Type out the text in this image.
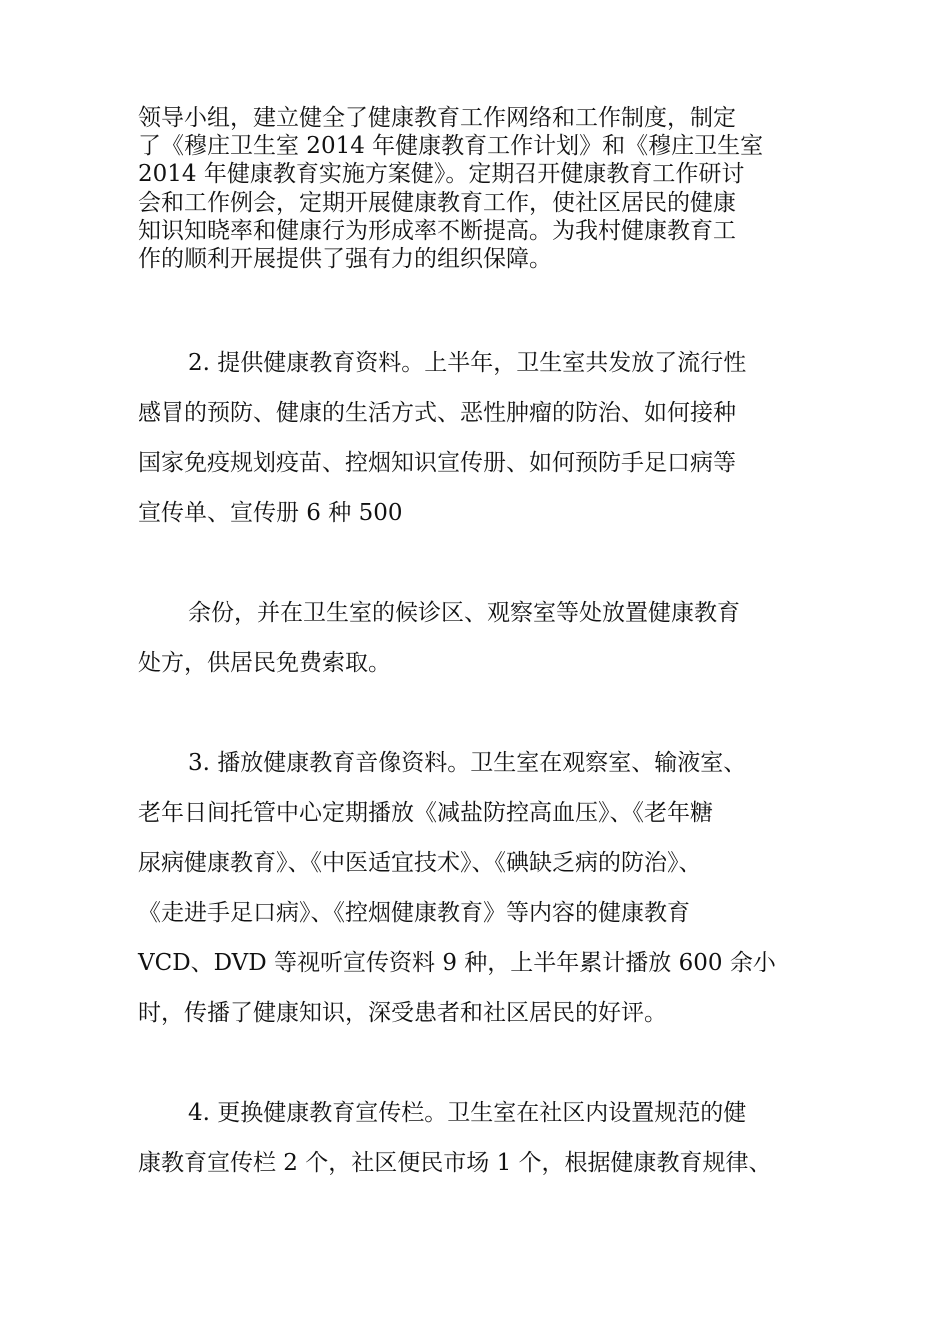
领导小组，建立健全了健康教育工作网络和工作制度，制定
了《穆庄卫生室 2014 年健康教育工作计划》和《穆庄卫生室
2014 年健康教育实施方案健》。定期召开健康教育工作研讨
会和工作例会，定期开展健康教育工作，使社区居民的健康
知识知晓率和健康行为形成率不断提高。为我村健康教育工
作的顺利开展提供了强有力的组织保障。
2. 提供健康教育资料。上半年，卫生室共发放了流行性
感冒的预防、健康的生活方式、恶性肿瘤的防治、如何接种
国家免疫规划疫苗、控烟知识宣传册、如何预防手足口病等
宣传单、宣传册 6 种 500
余份，并在卫生室的候诊区、观察室等处放置健康教育
处方，供居民免费索取。
3. 播放健康教育音像资料。卫生室在观察室、输液室、
老年日间托管中心定期播放《减盐防控高血压》、《老年糖
尿病健康教育》、《中医适宜技术》、《碘缺乏病的防治》、
《走进手足口病》、《控烟健康教育》等内容的健康教育
VCD、DVD 等视听宣传资料 9 种，上半年累计播放 600 余小
时，传播了健康知识，深受患者和社区居民的好评。
4. 更换健康教育宣传栏。卫生室在社区内设置规范的健
康教育宣传栏 2 个，社区便民市场 1 个，根据健康教育规律、
